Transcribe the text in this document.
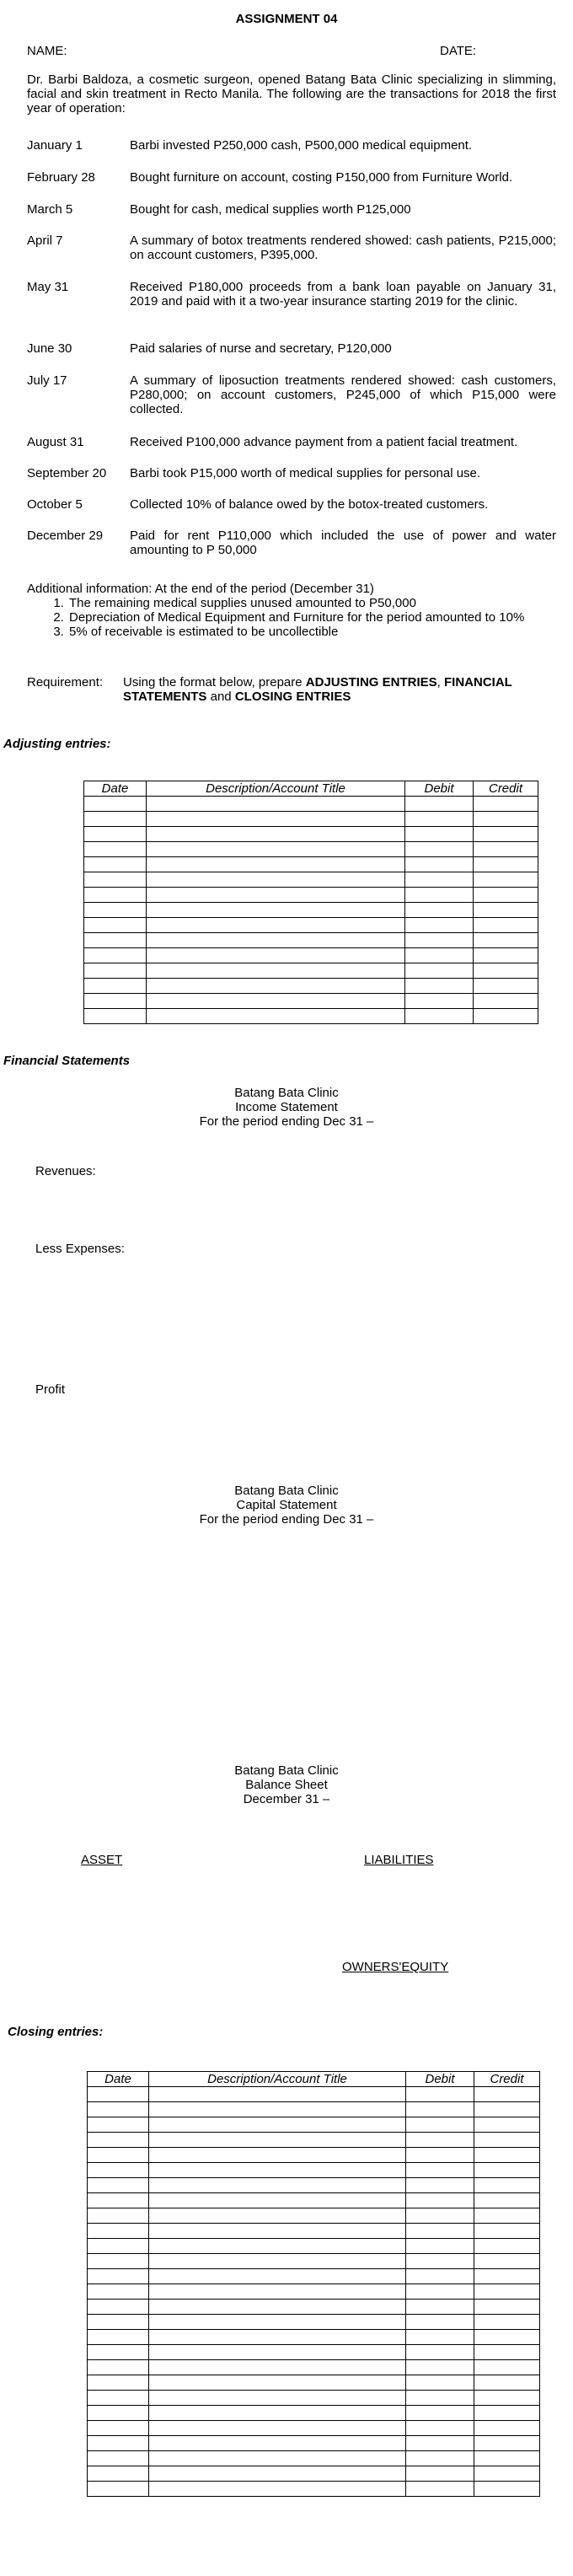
ASSIGNMENT 04
NAME:	DATE:
Dr. Barbi Baldoza, a cosmetic surgeon, opened Batang Bata Clinic specializing in slimming, facial and skin treatment in Recto Manila. The following are the transactions for 2018 the first year of operation:
January 1	Barbi invested P250,000 cash, P500,000 medical equipment.
February 28	Bought furniture on account, costing P150,000 from Furniture World.
March 5	Bought for cash, medical supplies worth P125,000
April 7	A summary of botox treatments rendered showed: cash patients, P215,000; on account customers, P395,000.
May 31	Received P180,000 proceeds from a bank loan payable on January 31, 2019 and paid with it a two-year insurance starting 2019 for the clinic.
June 30	Paid salaries of nurse and secretary, P120,000
July 17	A summary of liposuction treatments rendered showed: cash customers, P280,000; on account customers, P245,000 of which P15,000 were collected.
August 31	Received P100,000 advance payment from a patient facial treatment.
September 20	Barbi took P15,000 worth of medical supplies for personal use.
October 5	Collected 10% of balance owed by the botox-treated customers.
December 29	Paid for rent P110,000 which included the use of power and water amounting to P 50,000
Additional information: At the end of the period (December 31)
1. The remaining medical supplies unused amounted to P50,000
2. Depreciation of Medical Equipment and Furniture for the period amounted to 10%
3. 5% of receivable is estimated to be uncollectible
Requirement: Using the format below, prepare ADJUSTING ENTRIES, FINANCIAL STATEMENTS and CLOSING ENTRIES
Adjusting entries:
Date	Description/Account Title	Debit	Credit

Financial Statements
Batang Bata Clinic
Income Statement
For the period ending Dec 31 –
Revenues:
Less Expenses:
Profit
Batang Bata Clinic
Capital Statement
For the period ending Dec 31 –
Batang Bata Clinic
Balance Sheet
December 31 –
ASSET	LIABILITIES
OWNERS'EQUITY
Closing entries:
Date	Description/Account Title	Debit	Credit
